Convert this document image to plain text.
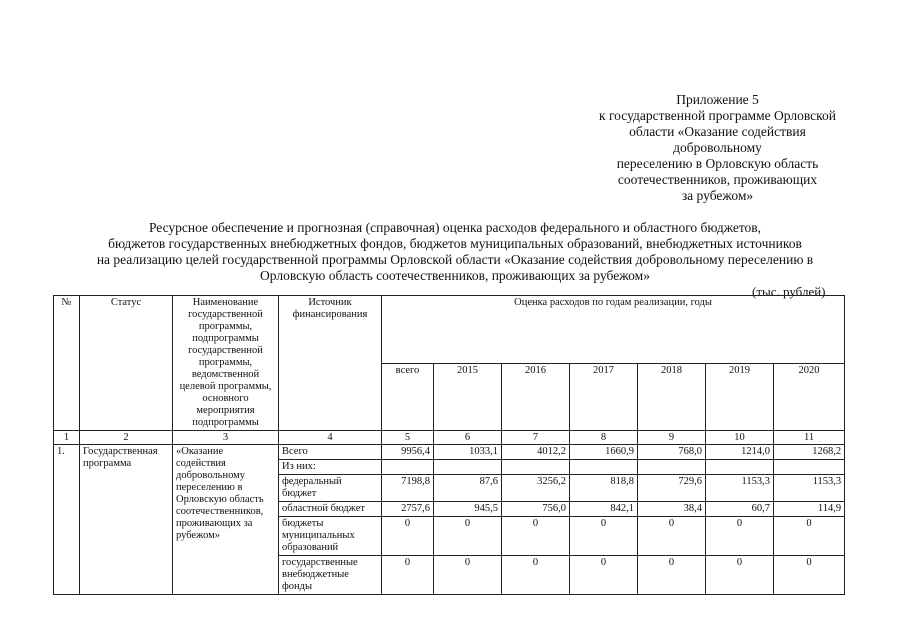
Приложение 5
к государственной программе Орловской
области «Оказание содействия
добровольному
переселению в Орловскую область
соотечественников, проживающих
за рубежом»
Ресурсное обеспечение и прогнозная (справочная) оценка расходов федерального и областного бюджетов,
бюджетов государственных внебюджетных фондов, бюджетов муниципальных образований, внебюджетных источников
на реализацию целей государственной программы Орловской области «Оказание содействия добровольному переселению в
Орловскую область соотечественников, проживающих за рубежом»
(тыс. рублей)
№	Статус	Наименование государственной программы, подпрограммы государственной программы, ведомственной целевой программы, основного мероприятия подпрограммы	Источник финансирования	Оценка расходов по годам реализации, годы						
				всего	2015	2016	2017	2018	2019	2020
1	2	3	4	5	6	7	8	9	10	11
1.	Государственная программа	«Оказание содействия добровольному переселению в Орловскую область соотечественников, проживающих за рубежом»	Всего	9956,4	1033,1	4012,2	1660,9	768,0	1214,0	1268,2
			Из них:							
			федеральный бюджет	7198,8	87,6	3256,2	818,8	729,6	1153,3	1153,3
			областной бюджет	2757,6	945,5	756,0	842,1	38,4	60,7	114,9
			бюджеты муниципальных образований	0	0	0	0	0	0	0
			государственные внебюджетные фонды	0	0	0	0	0	0	0
